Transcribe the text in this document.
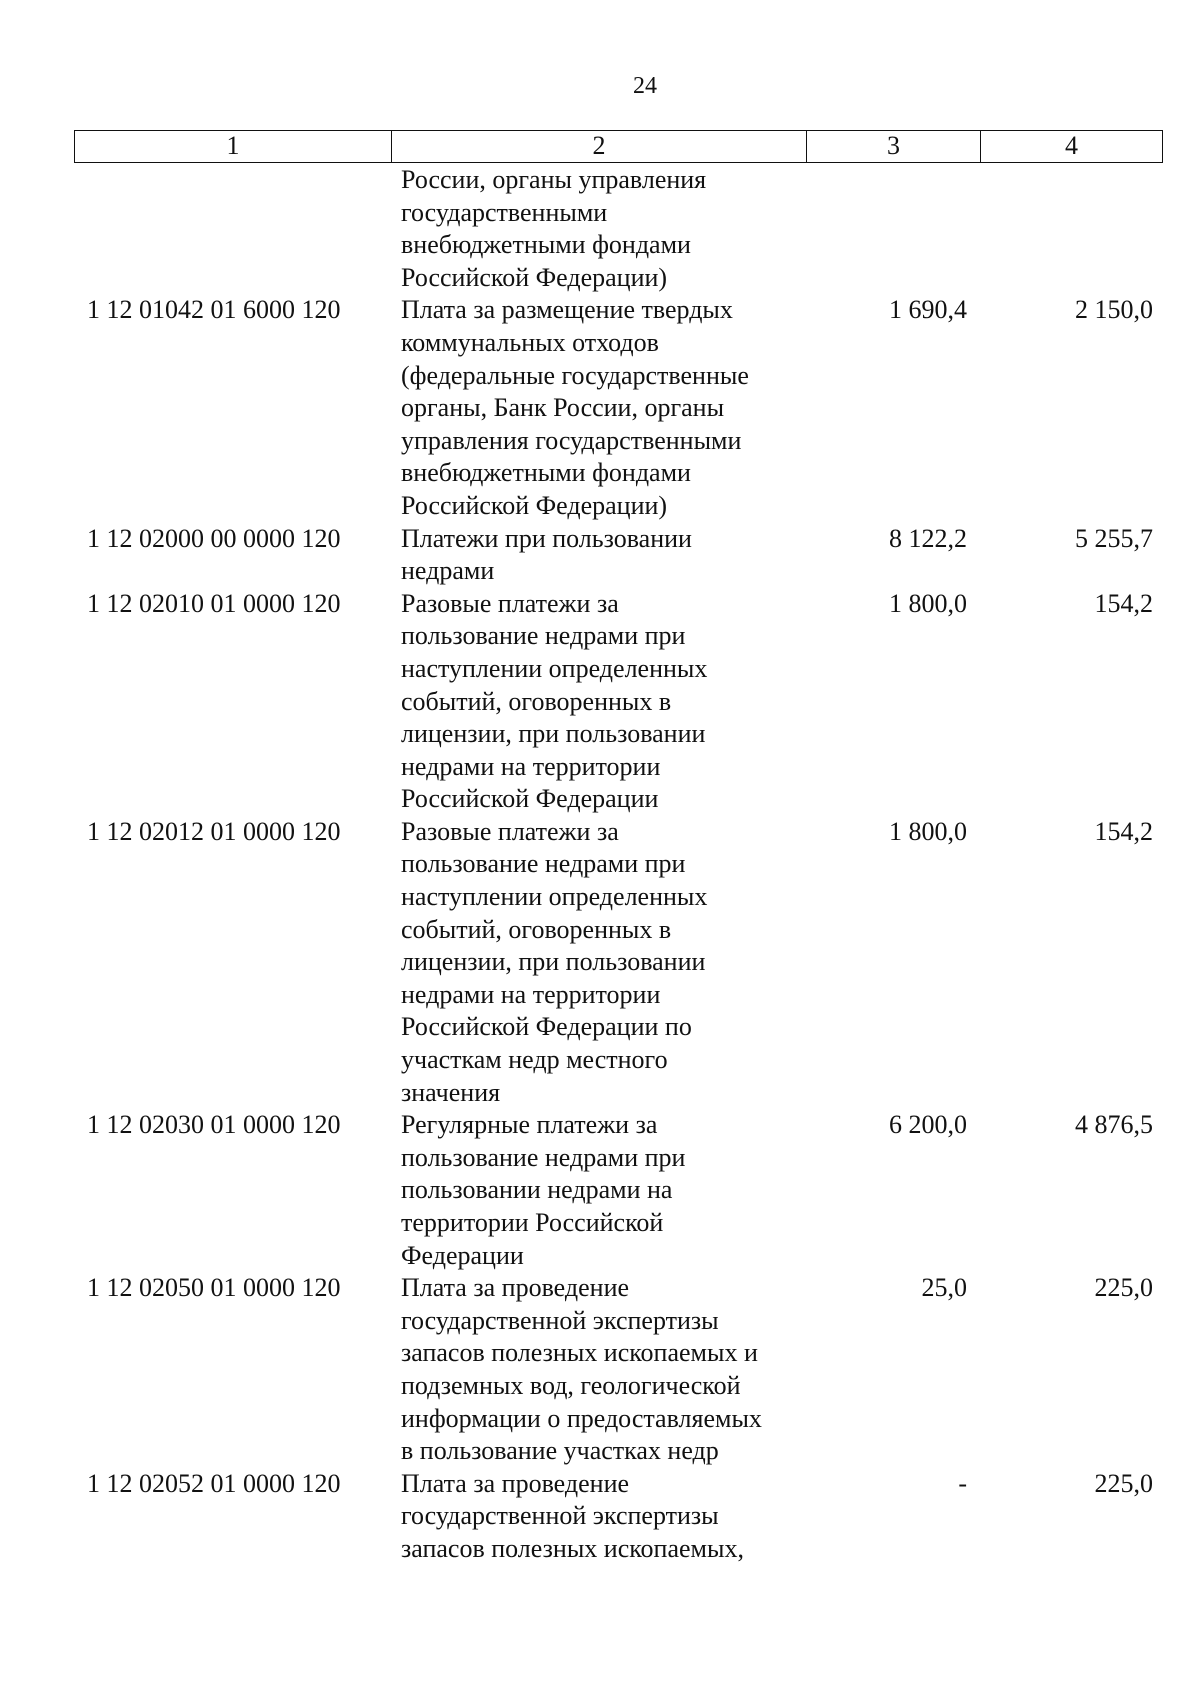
24
1	2	3	4
России, органы управления
государственными
внебюджетными фондами
Российской Федерации)
1 12 01042 01 6000 120	Плата за размещение твердых
коммунальных отходов
(федеральные государственные
органы, Банк России, органы
управления государственными
внебюджетными фондами
Российской Федерации)
1 690,4	2 150,0
1 12 02000 00 0000 120	Платежи при пользовании
недрами
8 122,2	5 255,7
1 12 02010 01 0000 120	Разовые платежи за
пользование недрами при
наступлении определенных
событий, оговоренных в
лицензии, при пользовании
недрами на территории
Российской Федерации
1 800,0	154,2
1 12 02012 01 0000 120	Разовые платежи за
пользование недрами при
наступлении определенных
событий, оговоренных в
лицензии, при пользовании
недрами на территории
Российской Федерации по
участкам недр местного
значения
1 800,0	154,2
1 12 02030 01 0000 120	Регулярные платежи за
пользование недрами при
пользовании недрами на
территории Российской
Федерации
6 200,0	4 876,5
1 12 02050 01 0000 120	Плата за проведение
государственной экспертизы
запасов полезных ископаемых и
подземных вод, геологической
информации о предоставляемых
в пользование участках недр
25,0	225,0
1 12 02052 01 0000 120	Плата за проведение
государственной экспертизы
запасов полезных ископаемых,
-	225,0
